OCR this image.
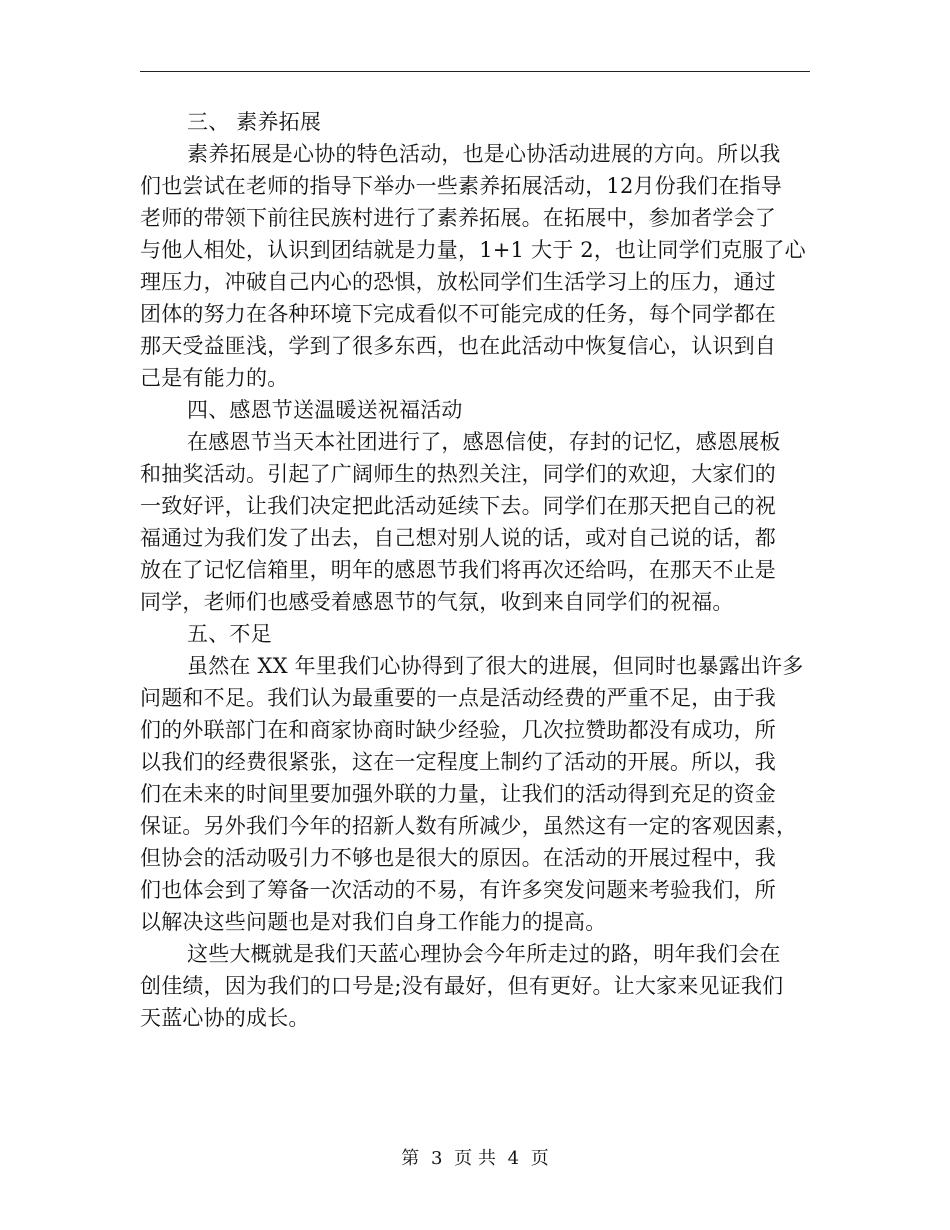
三、 素养拓展
素养拓展是心协的特色活动，也是心协活动进展的方向。所以我
们也尝试在老师的指导下举办一些素养拓展活动，12月份我们在指导
老师的带领下前往民族村进行了素养拓展。在拓展中，参加者学会了
与他人相处，认识到团结就是力量，1+1 大于 2，也让同学们克服了心
理压力，冲破自己内心的恐惧，放松同学们生活学习上的压力，通过
团体的努力在各种环境下完成看似不可能完成的任务，每个同学都在
那天受益匪浅，学到了很多东西，也在此活动中恢复信心，认识到自
己是有能力的。
四、感恩节送温暖送祝福活动
在感恩节当天本社团进行了，感恩信使，存封的记忆，感恩展板
和抽奖活动。引起了广阔师生的热烈关注，同学们的欢迎，大家们的
一致好评，让我们决定把此活动延续下去。同学们在那天把自己的祝
福通过为我们发了出去，自己想对别人说的话，或对自己说的话，都
放在了记忆信箱里，明年的感恩节我们将再次还给吗，在那天不止是
同学，老师们也感受着感恩节的气氛，收到来自同学们的祝福。
五、不足
虽然在 XX 年里我们心协得到了很大的进展，但同时也暴露出许多
问题和不足。我们认为最重要的一点是活动经费的严重不足，由于我
们的外联部门在和商家协商时缺少经验，几次拉赞助都没有成功，所
以我们的经费很紧张，这在一定程度上制约了活动的开展。所以，我
们在未来的时间里要加强外联的力量，让我们的活动得到充足的资金
保证。另外我们今年的招新人数有所减少，虽然这有一定的客观因素，
但协会的活动吸引力不够也是很大的原因。在活动的开展过程中，我
们也体会到了筹备一次活动的不易，有许多突发问题来考验我们，所
以解决这些问题也是对我们自身工作能力的提高。
这些大概就是我们天蓝心理协会今年所走过的路，明年我们会在
创佳绩，因为我们的口号是;没有最好，但有更好。让大家来见证我们
天蓝心协的成长。
第 3 页 共 4 页
